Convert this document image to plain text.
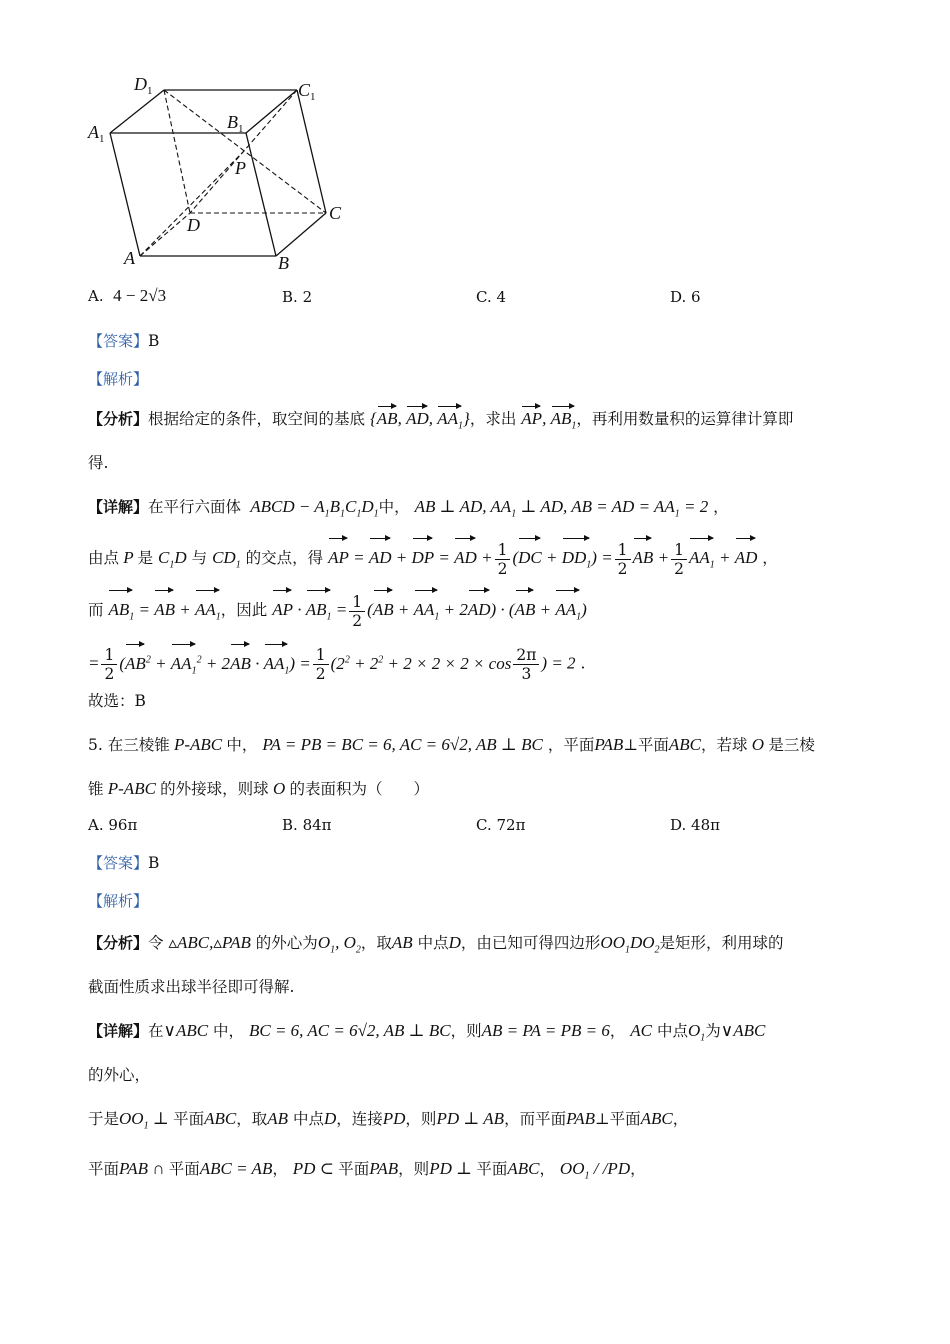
$D_1$	$C_1$
$A_1$
$B_1$
P
D
C
A	B
A. 4 − 2√3	B. 2	C. 4	D. 6
【答案】B
【解析】
【分析】根据给定的条件，取空间的基底 {AB, AD, $AA_1$}，求出 AP, $AB_1$，再利用数量积的运算律计算即
得.
【详解】在平行六面体  ABCD − $A_1B_1C_1D_1$中， AB ⊥ AD, $AA_1$ ⊥ AD, AB = AD = $AA_1 = 2$ ，
由点 P 是 $C_1D$ 与 $CD_1$ 的交点，得 AP = AD + DP = AD + $\frac{1}{2} (DC + DD_1) = \frac{1}{2}$ AB + $\frac{1}{2} AA_1$ + AD ，
而 $AB_1$ = AB + $AA_1$，因此 AP · $AB_1 = \frac{1}{2} (AB + AA_1 + 2AD) \cdot (AB + AA_1)$
= $\frac{1}{2} (AB^2 + AA_1^2 + 2AB \cdot AA_1) = \frac{1}{2} (2^2 + 2^2 + 2 \times 2 \times 2 \times \cos \frac{2\pi}{3}$ ) = 2 .
故选：B
5. 在三棱锥 P-ABC 中， PA = PB = BC = 6, AC = 6√2, AB ⊥ BC ，平面PAB⊥平面ABC，若球 O 是三棱
锥 P-ABC 的外接球，则球 O 的表面积为（　　）
A. 96π	B. 84π	C. 72π	D. 48π
【答案】B
【解析】
【分析】令 ▵ABC,▵PAB 的外心为$O_1$, $O_2$，取AB 中点D，由已知可得四边形$OO_1DO_2$是矩形，利用球的
截面性质求出球半径即可得解.
【详解】在∨ABC 中， BC = 6, AC = 6√2, AB ⊥ BC，则AB = PA = PB = 6， AC 中点$O_1$为∨ABC
的外心，
于是$OO_1$ ⊥ 平面ABC，取AB 中点D，连接PD，则PD ⊥ AB，而平面PAB⊥平面ABC，
平面PAB ∩ 平面ABC = AB， PD ⊂ 平面PAB，则PD ⊥ 平面ABC， $OO_1 / /PD$，
